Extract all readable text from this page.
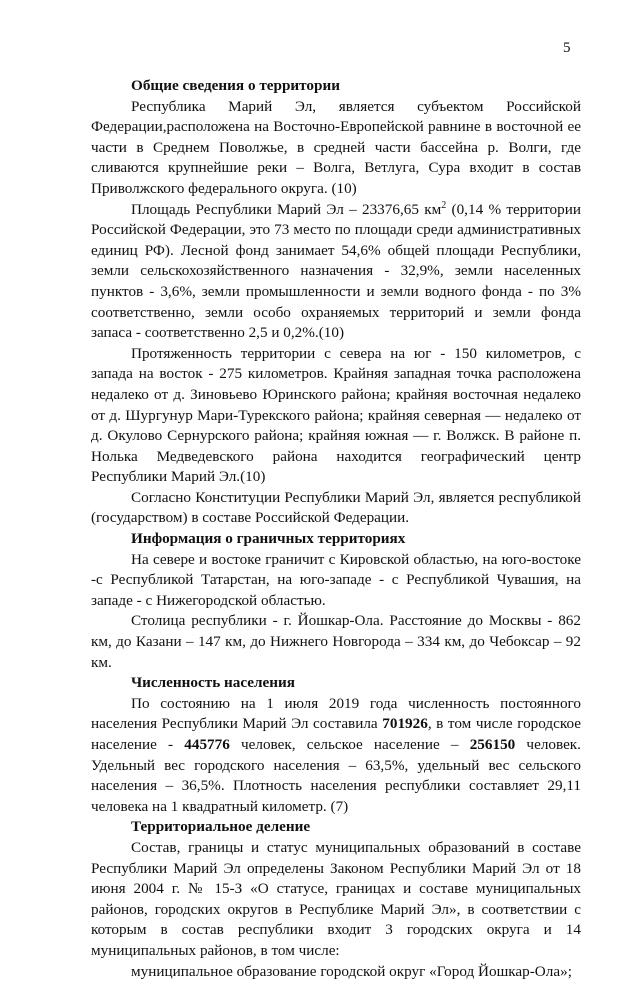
5

Общие сведения о территории

Республика Марий Эл, является субъектом Российской Федерации,расположена на Восточно-Европейской равнине в восточной ее части в Среднем Поволжье, в средней части бассейна р. Волги, где сливаются крупнейшие реки – Волга, Ветлуга, Сура входит в состав Приволжского федерального округа. (10)

Площадь Республики Марий Эл – 23376,65 $км^2$ (0,14 % территории Российской Федерации, это 73 место по площади среди административных единиц РФ). Лесной фонд занимает 54,6% общей площади Республики, земли сельскохозяйственного назначения - 32,9%, земли населенных пунктов - 3,6%, земли промышленности и земли водного фонда - по 3% соответственно, земли особо охраняемых территорий и земли фонда запаса - соответственно 2,5 и 0,2%.(10)

Протяженность территории с севера на юг - 150 километров, с запада на восток - 275 километров. Крайняя западная точка расположена недалеко от д. Зиновьево Юринского района; крайняя восточная недалеко от д. Шургунур Мари-Турекского района; крайняя северная — недалеко от д. Окулово Сернурского района; крайняя южная — г. Волжск. В районе п. Нолька Медведевского района находится географический центр Республики Марий Эл.(10)

Согласно Конституции Республики Марий Эл, является республикой (государством) в составе Российской Федерации.

Информация о граничных территориях

На севере и востоке граничит с Кировской областью, на юго-востоке -с Республикой Татарстан, на юго-западе - с Республикой Чувашия, на западе - с Нижегородской областью.

Столица республики - г. Йошкар-Ола. Расстояние до Москвы - 862 км, до Казани – 147 км, до Нижнего Новгорода – 334 км, до Чебоксар – 92 км.

Численность населения

По состоянию на 1 июля 2019 года численность постоянного населения Республики Марий Эл составила 701926, в том числе городское население - 445776 человек, сельское население – 256150 человек. Удельный вес городского населения – 63,5%, удельный вес сельского населения – 36,5%. Плотность населения республики составляет 29,11 человека на 1 квадратный километр. (7)

Территориальное деление

Состав, границы и статус муниципальных образований в составе Республики Марий Эл определены Законом Республики Марий Эл от 18 июня 2004 г. № 15-З «О статусе, границах и составе муниципальных районов, городских округов в Республике Марий Эл», в соответствии с которым в состав республики входит 3 городских округа и 14 муниципальных районов, в том числе:

муниципальное образование городской округ «Город Йошкар-Ола»;
